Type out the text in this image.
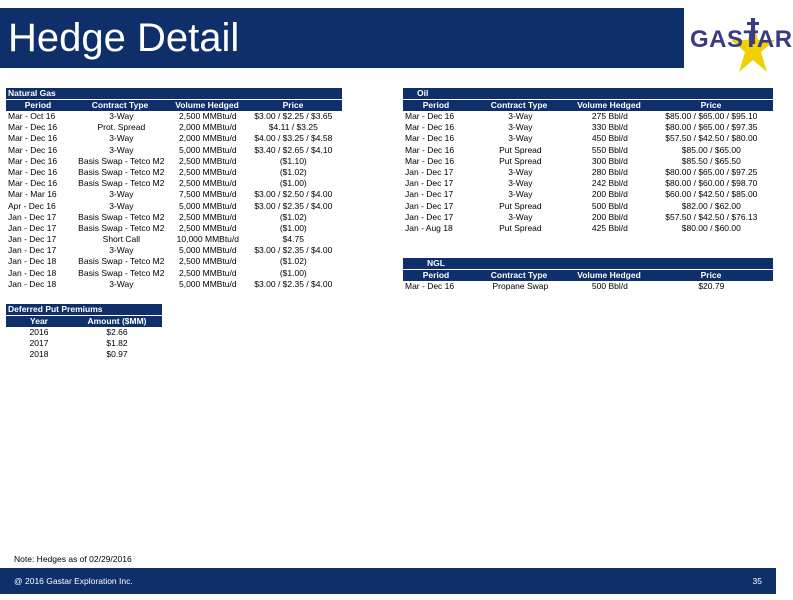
Hedge Detail	GASTAR
Natural Gas
Period	Contract Type	Volume Hedged	Price
Mar - Oct 16	3-Way	2,500 MMBtu/d	$3.00 / $2.25 / $3.65
Mar - Dec 16	Prot. Spread	2,000 MMBtu/d	$4.11 / $3.25
Mar - Dec 16	3-Way	2,000 MMBtu/d	$4.00 / $3.25 / $4.58
Mar - Dec 16	3-Way	5,000 MMBtu/d	$3.40 / $2.65 / $4.10
Mar - Dec 16	Basis Swap - Tetco M2	2,500 MMBtu/d	($1.10)
Mar - Dec 16	Basis Swap - Tetco M2	2,500 MMBtu/d	($1.02)
Mar - Dec 16	Basis Swap - Tetco M2	2,500 MMBtu/d	($1.00)
Mar - Mar 16	3-Way	7,500 MMBtu/d	$3.00 / $2.50 / $4.00
Apr - Dec 16	3-Way	5,000 MMBtu/d	$3.00 / $2.35 / $4.00
Jan - Dec 17	Basis Swap - Tetco M2	2,500 MMBtu/d	($1.02)
Jan - Dec 17	Basis Swap - Tetco M2	2,500 MMBtu/d	($1.00)
Jan - Dec 17	Short Call	10,000 MMBtu/d	$4.75
Jan - Dec 17	3-Way	5,000 MMBtu/d	$3.00 / $2.35 / $4.00
Jan - Dec 18	Basis Swap - Tetco M2	2,500 MMBtu/d	($1.02)
Jan - Dec 18	Basis Swap - Tetco M2	2,500 MMBtu/d	($1.00)
Jan - Dec 18	3-Way	5,000 MMBtu/d	$3.00 / $2.35 / $4.00
Deferred Put Premiums
Year	Amount ($MM)
2016	$2.66
2017	$1.82
2018	$0.97
Oil
Period	Contract Type	Volume Hedged	Price
Mar - Dec 16	3-Way	275 Bbl/d	$85.00 / $65.00 / $95.10
Mar - Dec 16	3-Way	330 Bbl/d	$80.00 / $65.00 / $97.35
Mar - Dec 16	3-Way	450 Bbl/d	$57.50 / $42.50 / $80.00
Mar - Dec 16	Put Spread	550 Bbl/d	$85.00 / $65.00
Mar - Dec 16	Put Spread	300 Bbl/d	$85.50 / $65.50
Jan - Dec 17	3-Way	280 Bbl/d	$80.00 / $65.00 / $97.25
Jan - Dec 17	3-Way	242 Bbl/d	$80.00 / $60.00 / $98.70
Jan - Dec 17	3-Way	200 Bbl/d	$60.00 / $42.50 / $85.00
Jan - Dec 17	Put Spread	500 Bbl/d	$82.00 / $62.00
Jan - Dec 17	3-Way	200 Bbl/d	$57.50 / $42.50 / $76.13
Jan - Aug 18	Put Spread	425 Bbl/d	$80.00 / $60.00
NGL
Period	Contract Type	Volume Hedged	Price
Mar - Dec 16	Propane Swap	500 Bbl/d	$20.79
Note: Hedges as of 02/29/2016
@ 2016 Gastar Exploration Inc.	35
